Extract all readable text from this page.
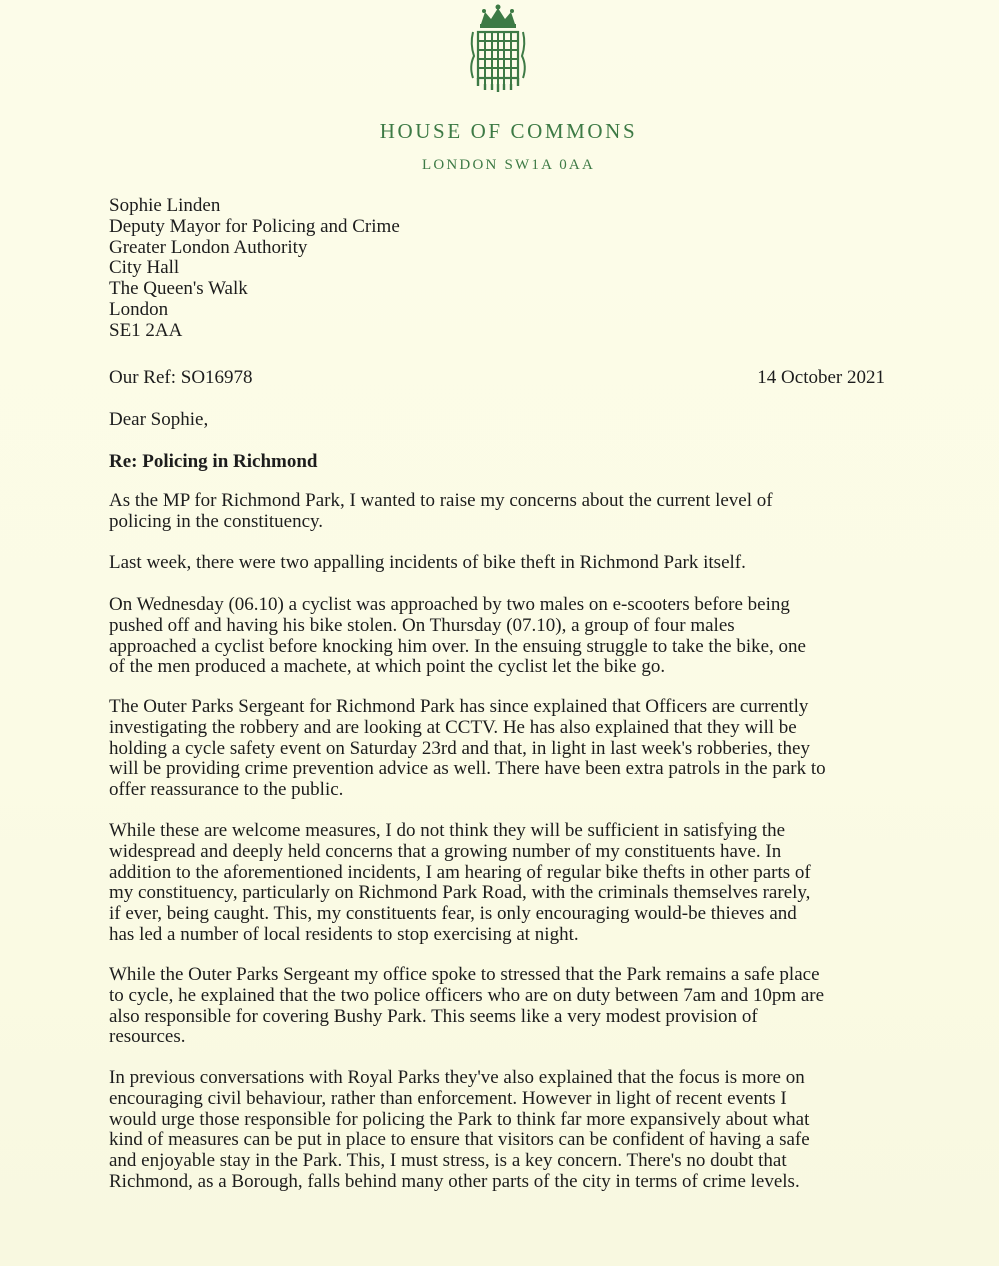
HOUSE OF COMMONS
LONDON SW1A 0AA
Sophie Linden
Deputy Mayor for Policing and Crime
Greater London Authority
City Hall
The Queen's Walk
London
SE1 2AA
Our Ref: SO16978	14 October 2021
Dear Sophie,
Re: Policing in Richmond
As the MP for Richmond Park, I wanted to raise my concerns about the current level of
policing in the constituency.
Last week, there were two appalling incidents of bike theft in Richmond Park itself.
On Wednesday (06.10) a cyclist was approached by two males on e-scooters before being
pushed off and having his bike stolen. On Thursday (07.10), a group of four males
approached a cyclist before knocking him over. In the ensuing struggle to take the bike, one
of the men produced a machete, at which point the cyclist let the bike go.
The Outer Parks Sergeant for Richmond Park has since explained that Officers are currently
investigating the robbery and are looking at CCTV. He has also explained that they will be
holding a cycle safety event on Saturday 23rd and that, in light in last week's robberies, they
will be providing crime prevention advice as well. There have been extra patrols in the park to
offer reassurance to the public.
While these are welcome measures, I do not think they will be sufficient in satisfying the
widespread and deeply held concerns that a growing number of my constituents have. In
addition to the aforementioned incidents, I am hearing of regular bike thefts in other parts of
my constituency, particularly on Richmond Park Road, with the criminals themselves rarely,
if ever, being caught. This, my constituents fear, is only encouraging would-be thieves and
has led a number of local residents to stop exercising at night.
While the Outer Parks Sergeant my office spoke to stressed that the Park remains a safe place
to cycle, he explained that the two police officers who are on duty between 7am and 10pm are
also responsible for covering Bushy Park. This seems like a very modest provision of
resources.
In previous conversations with Royal Parks they've also explained that the focus is more on
encouraging civil behaviour, rather than enforcement. However in light of recent events I
would urge those responsible for policing the Park to think far more expansively about what
kind of measures can be put in place to ensure that visitors can be confident of having a safe
and enjoyable stay in the Park. This, I must stress, is a key concern. There's no doubt that
Richmond, as a Borough, falls behind many other parts of the city in terms of crime levels.
